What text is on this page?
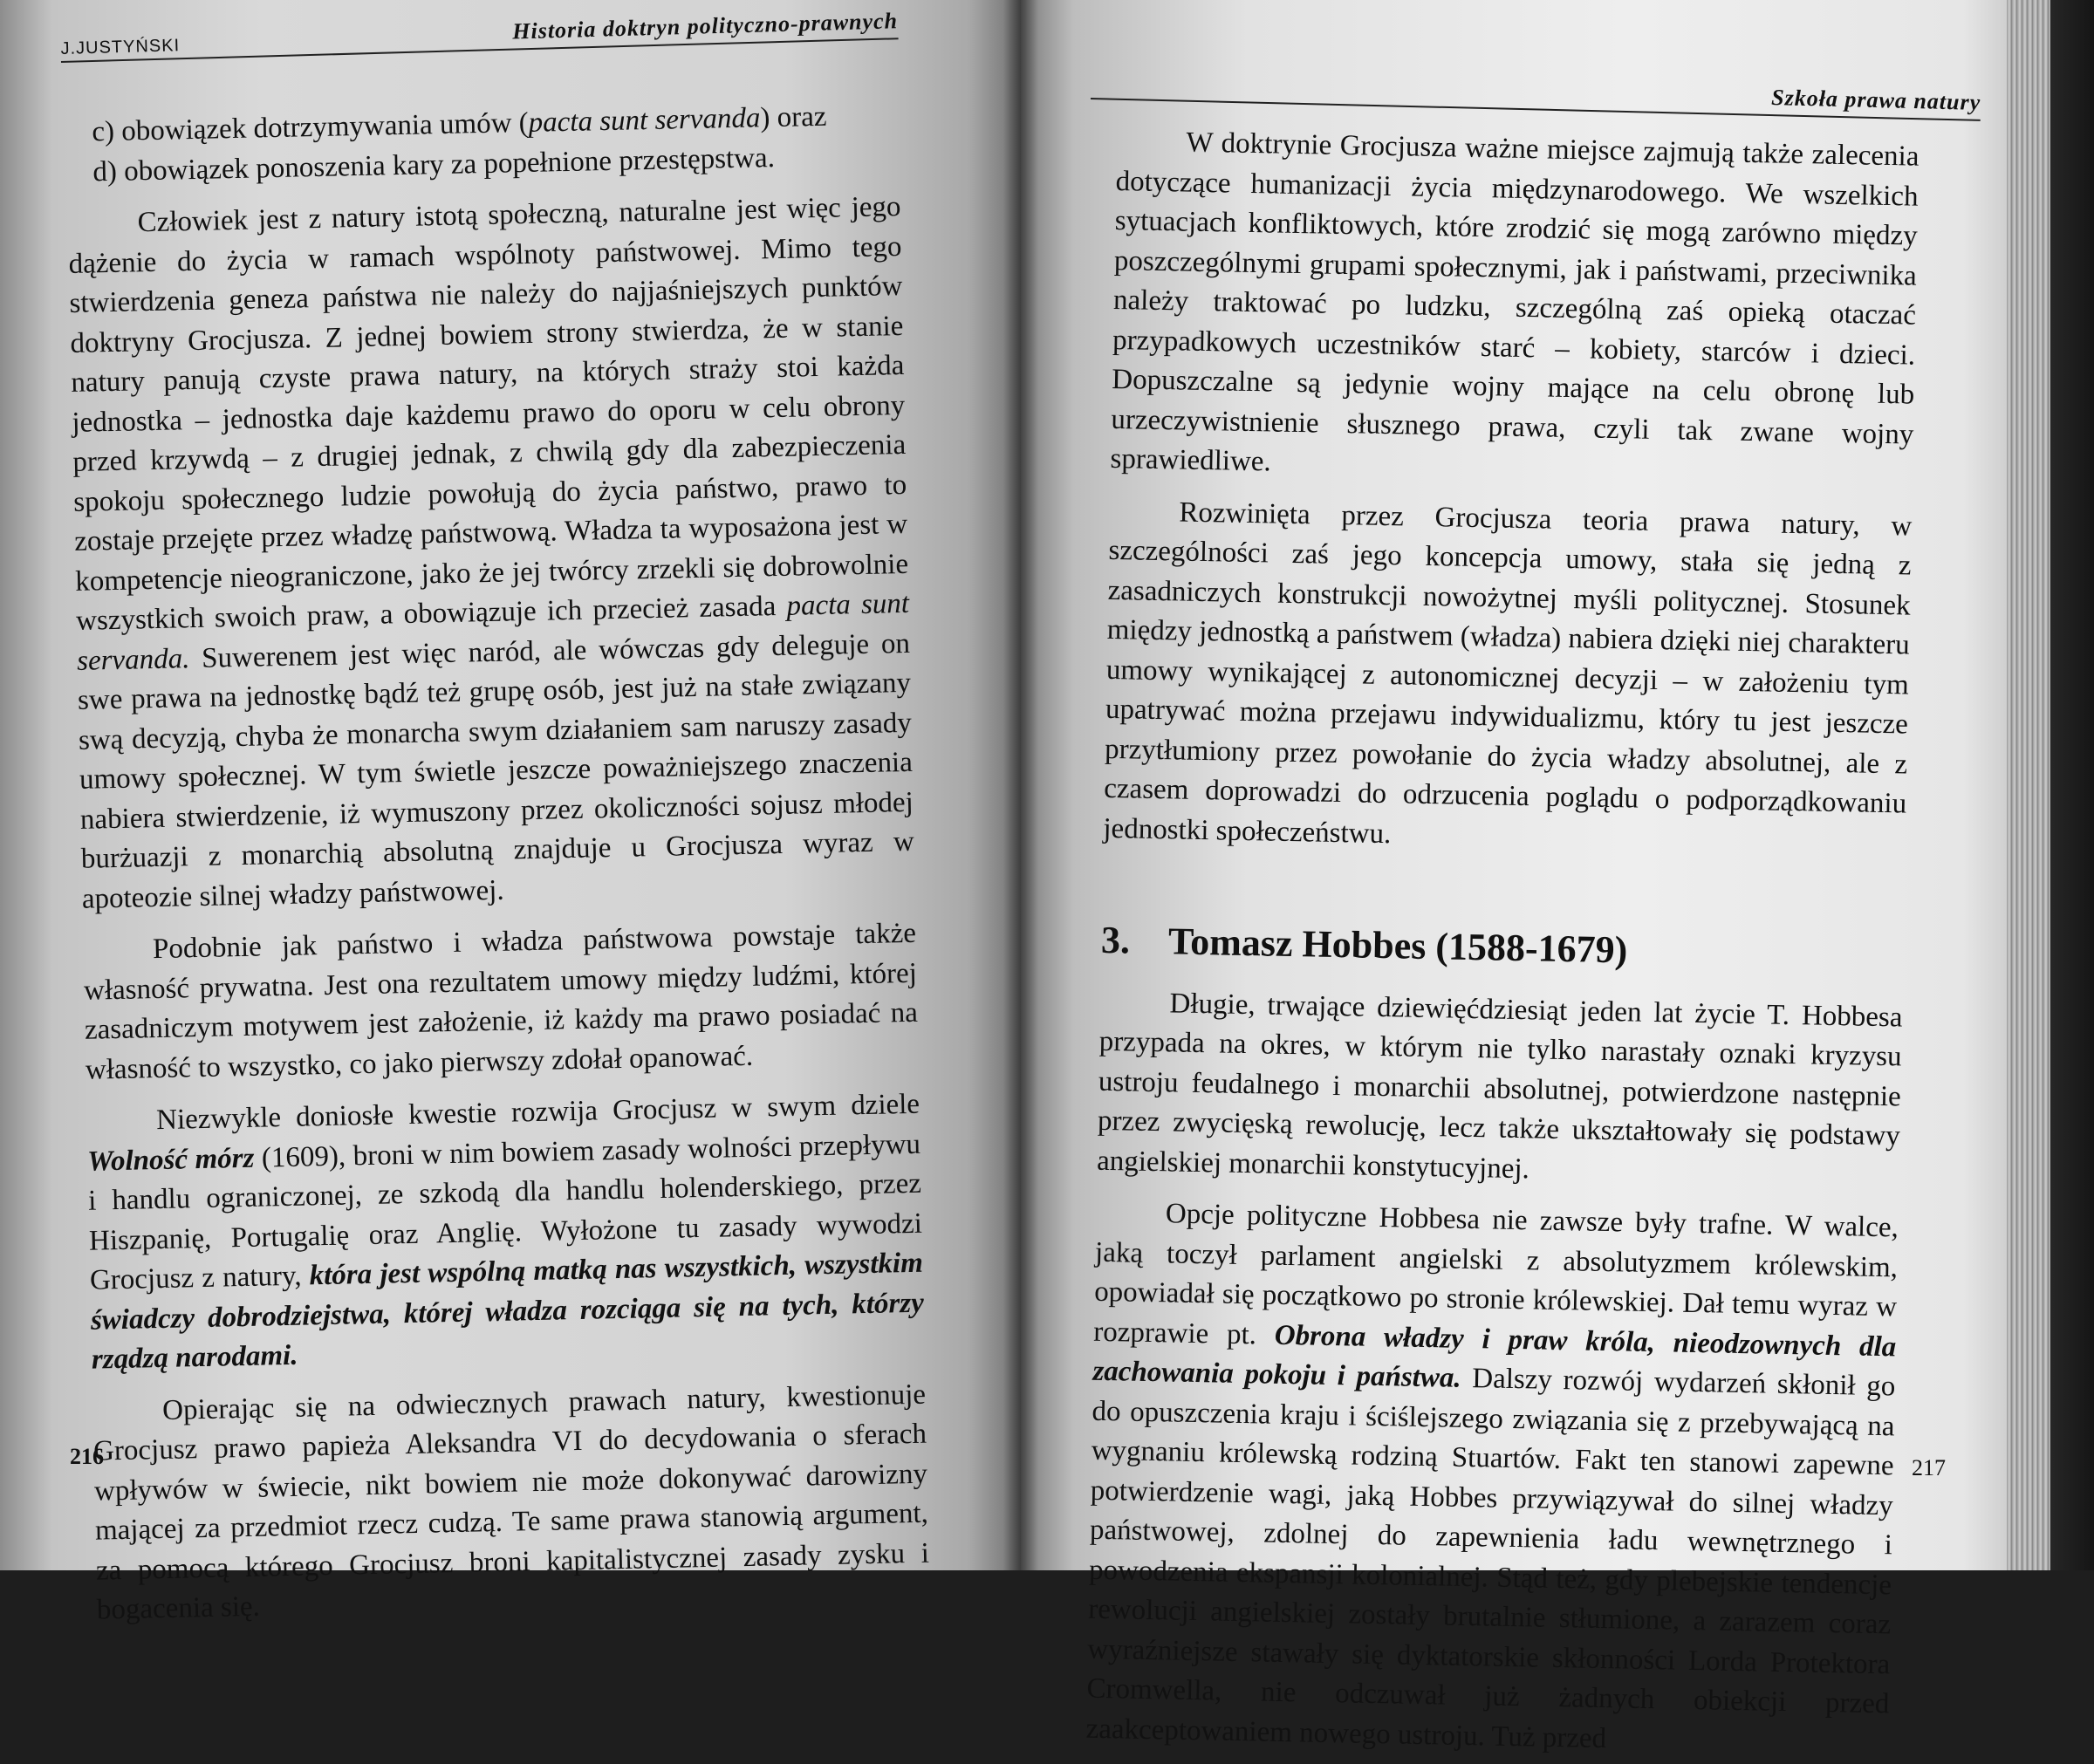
J.JUSTYŃSKI
Historia doktryn polityczno-prawnych

c) obowiązek dotrzymywania umów (pacta sunt servanda) oraz

d) obowiązek ponoszenia kary za popełnione przestępstwa.

Człowiek jest z natury istotą społeczną, naturalne jest więc jego dążenie do życia w ramach wspólnoty państwowej. Mimo tego stwierdzenia geneza państwa nie należy do najjaśniejszych punktów doktryny Grocjusza. Z jednej bowiem strony stwierdza, że w stanie natury panują czyste prawa natury, na których straży stoi każda jednostka – jednostka daje każdemu prawo do oporu w celu obrony przed krzywdą – z drugiej jednak, z chwilą gdy dla zabezpieczenia spokoju społecznego ludzie powołują do życia państwo, prawo to zostaje przejęte przez władzę państwową. Władza ta wyposażona jest w kompetencje nieograniczone, jako że jej twórcy zrzekli się dobrowolnie wszystkich swoich praw, a obowiązuje ich przecież zasada pacta sunt servanda. Suwerenem jest więc naród, ale wówczas gdy deleguje on swe prawa na jednostkę bądź też grupę osób, jest już na stałe związany swą decyzją, chyba że monarcha swym działaniem sam naruszy zasady umowy społecznej. W tym świetle jeszcze poważniejszego znaczenia nabiera stwierdzenie, iż wymuszony przez okoliczności sojusz młodej burżuazji z monarchią absolutną znajduje u Grocjusza wyraz w apoteozie silnej władzy państwowej.

Podobnie jak państwo i władza państwowa powstaje także własność prywatna. Jest ona rezultatem umowy między ludźmi, której zasadniczym motywem jest założenie, iż każdy ma prawo posiadać na własność to wszystko, co jako pierwszy zdołał opanować.

Niezwykle doniosłe kwestie rozwija Grocjusz w swym dziele Wolność mórz (1609), broni w nim bowiem zasady wolności przepływu i handlu ograniczonej, ze szkodą dla handlu holenderskiego, przez Hiszpanię, Portugalię oraz Anglię. Wyłożone tu zasady wywodzi Grocjusz z natury, która jest wspólną matką nas wszystkich, wszystkim świadczy dobrodziejstwa, której władza rozciąga się na tych, którzy rządzą narodami.

Opierając się na odwiecznych prawach natury, kwestionuje Grocjusz prawo papieża Aleksandra VI do decydowania o sferach wpływów w świecie, nikt bowiem nie może dokonywać darowizny mającej za przedmiot rzecz cudzą. Te same prawa stanowią argument, za pomocą którego Grocjusz broni kapitalistycznej zasady zysku i bogacenia się.

216
Szkoła prawa natury

W doktrynie Grocjusza ważne miejsce zajmują także zalecenia dotyczące humanizacji życia międzynarodowego. We wszelkich sytuacjach konfliktowych, które zrodzić się mogą zarówno między poszczególnymi grupami społecznymi, jak i państwami, przeciwnika należy traktować po ludzku, szczególną zaś opieką otaczać przypadkowych uczestników starć – kobiety, starców i dzieci. Dopuszczalne są jedynie wojny mające na celu obronę lub urzeczywistnienie słusznego prawa, czyli tak zwane wojny sprawiedliwe.

Rozwinięta przez Grocjusza teoria prawa natury, w szczególności zaś jego koncepcja umowy, stała się jedną z zasadniczych konstrukcji nowożytnej myśli politycznej. Stosunek między jednostką a państwem (władza) nabiera dzięki niej charakteru umowy wynikającej z autonomicznej decyzji – w założeniu tym upatrywać można przejawu indywidualizmu, który tu jest jeszcze przytłumiony przez powołanie do życia władzy absolutnej, ale z czasem doprowadzi do odrzucenia poglądu o podporządkowaniu jednostki społeczeństwu.

3. Tomasz Hobbes (1588-1679)

Długie, trwające dziewięćdziesiąt jeden lat życie T. Hobbesa przypada na okres, w którym nie tylko narastały oznaki kryzysu ustroju feudalnego i monarchii absolutnej, potwierdzone następnie przez zwycięską rewolucję, lecz także ukształtowały się podstawy angielskiej monarchii konstytucyjnej.

Opcje polityczne Hobbesa nie zawsze były trafne. W walce, jaką toczył parlament angielski z absolutyzmem królewskim, opowiadał się początkowo po stronie królewskiej. Dał temu wyraz w rozprawie pt. Obrona władzy i praw króla, nieodzownych dla zachowania pokoju i państwa. Dalszy rozwój wydarzeń skłonił go do opuszczenia kraju i ściślejszego związania się z przebywającą na wygnaniu królewską rodziną Stuartów. Fakt ten stanowi zapewne potwierdzenie wagi, jaką Hobbes przywiązywał do silnej władzy państwowej, zdolnej do zapewnienia ładu wewnętrznego i powodzenia ekspansji kolonialnej. Stąd też, gdy plebejskie tendencje rewolucji angielskiej zostały brutalnie stłumione, a zarazem coraz wyraźniejsze stawały się dyktatorskie skłonności Lorda Protektora Cromwella, nie odczuwał już żadnych obiekcji przed zaakceptowaniem nowego ustroju. Tuż przed

217
